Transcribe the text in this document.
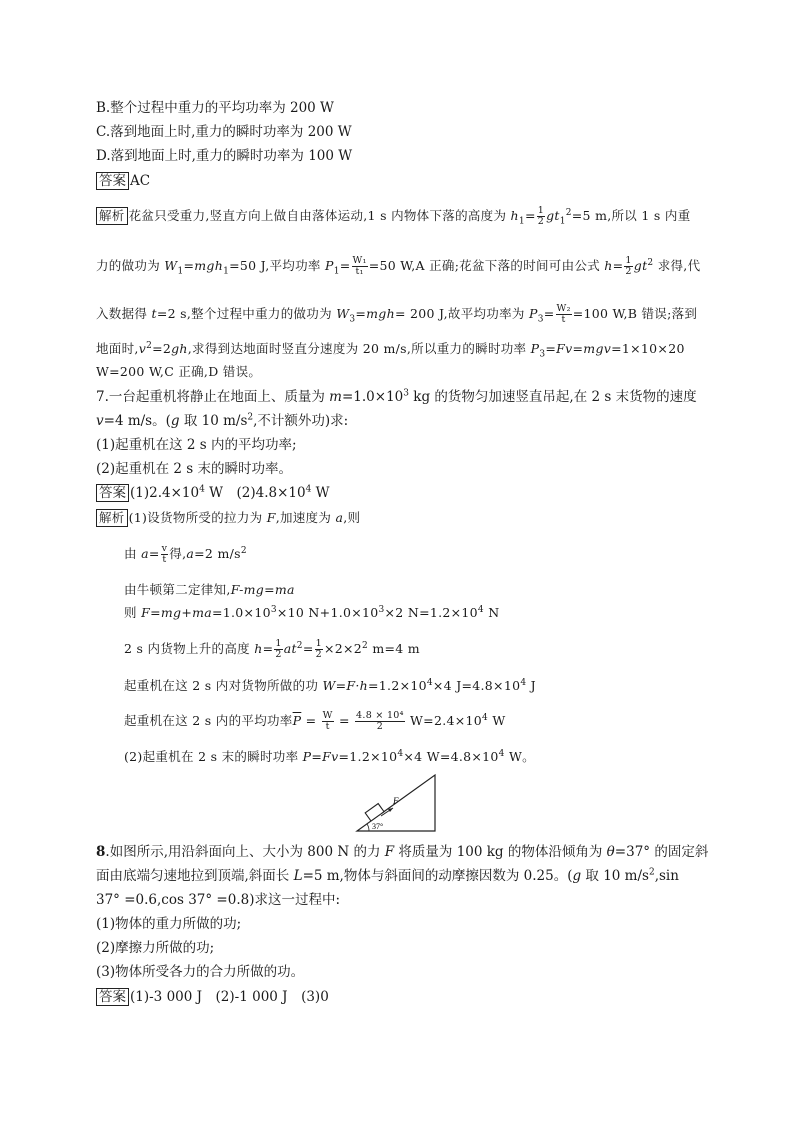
B.整个过程中重力的平均功率为 200 W
C.落到地面上时,重力的瞬时功率为 200 W
D.落到地面上时,重力的瞬时功率为 100 W
答案 AC
解析 花盆只受重力,竖直方向上做自由落体运动,1 s 内物体下落的高度为 $h_1= \frac{1}{2} gt_1^2=5$ m,所以 1 s 内重
力的做功为 $W_1=mgh_1=50$ J,平均功率 $P_1= \frac{\text{W₁}}{\text{t₁}} =50$ W,A 正确;花盆下落的时间可由公式 $h= \frac{1}{2} gt^2$ 求得,代
入数据得 t=2 s,整个过程中重力的做功为 $W_3=mgh= 200$ J,故平均功率为 $P_3= \frac{\text{W₂}}{t} =100$ W,B 错误;落到
地面时$,v^2=2gh$,求得到达地面时竖直分速度为 20 m/s,所以重力的瞬时功率 $P_3=Fv=mgv=1\times 10\times 20$
W=200 W,C 正确,D 错误。
7.一台起重机将静止在地面上、质量为 $m=1.0\times 10^3$ kg 的货物匀加速竖直吊起,在 2 s 末货物的速度
v=4 m/s。(g 取 10 $m/s^2$,不计额外功)求:
(1)起重机在这 2 s 内的平均功率;
(2)起重机在 2 s 末的瞬时功率。
答案 $(1)2.4\times 10^4$ W　$(2)4.8\times 10^4$ W
解析 (1)设货物所受的拉力为 F,加速度为 a,则
由 $a= \frac{v}{t}$ 得,a=2 $m/s^2$
由牛顿第二定律知,F-mg=ma
则 $F=mg+ma=1.0\times 10^3\times 10$ $N+1.0\times 10^3\times 2$ $N=1.2\times 10^4$ N
2 s 内货物上升的高度 $h= \frac{1}{2} at^2= \frac{1}{2} \times 2\times 2^2$ m=4 m
起重机在这 2 s 内对货物所做的功 $W=F\cdot h=1.2\times 10^4\times 4$ $J=4.8\times 10^4$ J
起重机在这 2 s 内的平均功率$\overline{P} = \frac{W}{t} = \frac{\text{4.8 × 10⁴}}{2} W=2.4\times 10^4$ W
(2)起重机在 2 s 末的瞬时功率 $P=Fv=1.2\times 10^4\times 4$ $W=4.8\times 10^4$ W。
F
37°
8.如图所示,用沿斜面向上、大小为 800 N 的力 F 将质量为 100 kg 的物体沿倾角为 θ=37° 的固定斜
面由底端匀速地拉到顶端,斜面长 L=5 m,物体与斜面间的动摩擦因数为 0.25。(g 取 10 $m/s^2,\sin$
37° =0.6,cos 37° =0.8)求这一过程中:
(1)物体的重力所做的功;
(2)摩擦力所做的功;
(3)物体所受各力的合力所做的功。
答案 (1)-3 000 J　(2)-1 000 J　(3)0
